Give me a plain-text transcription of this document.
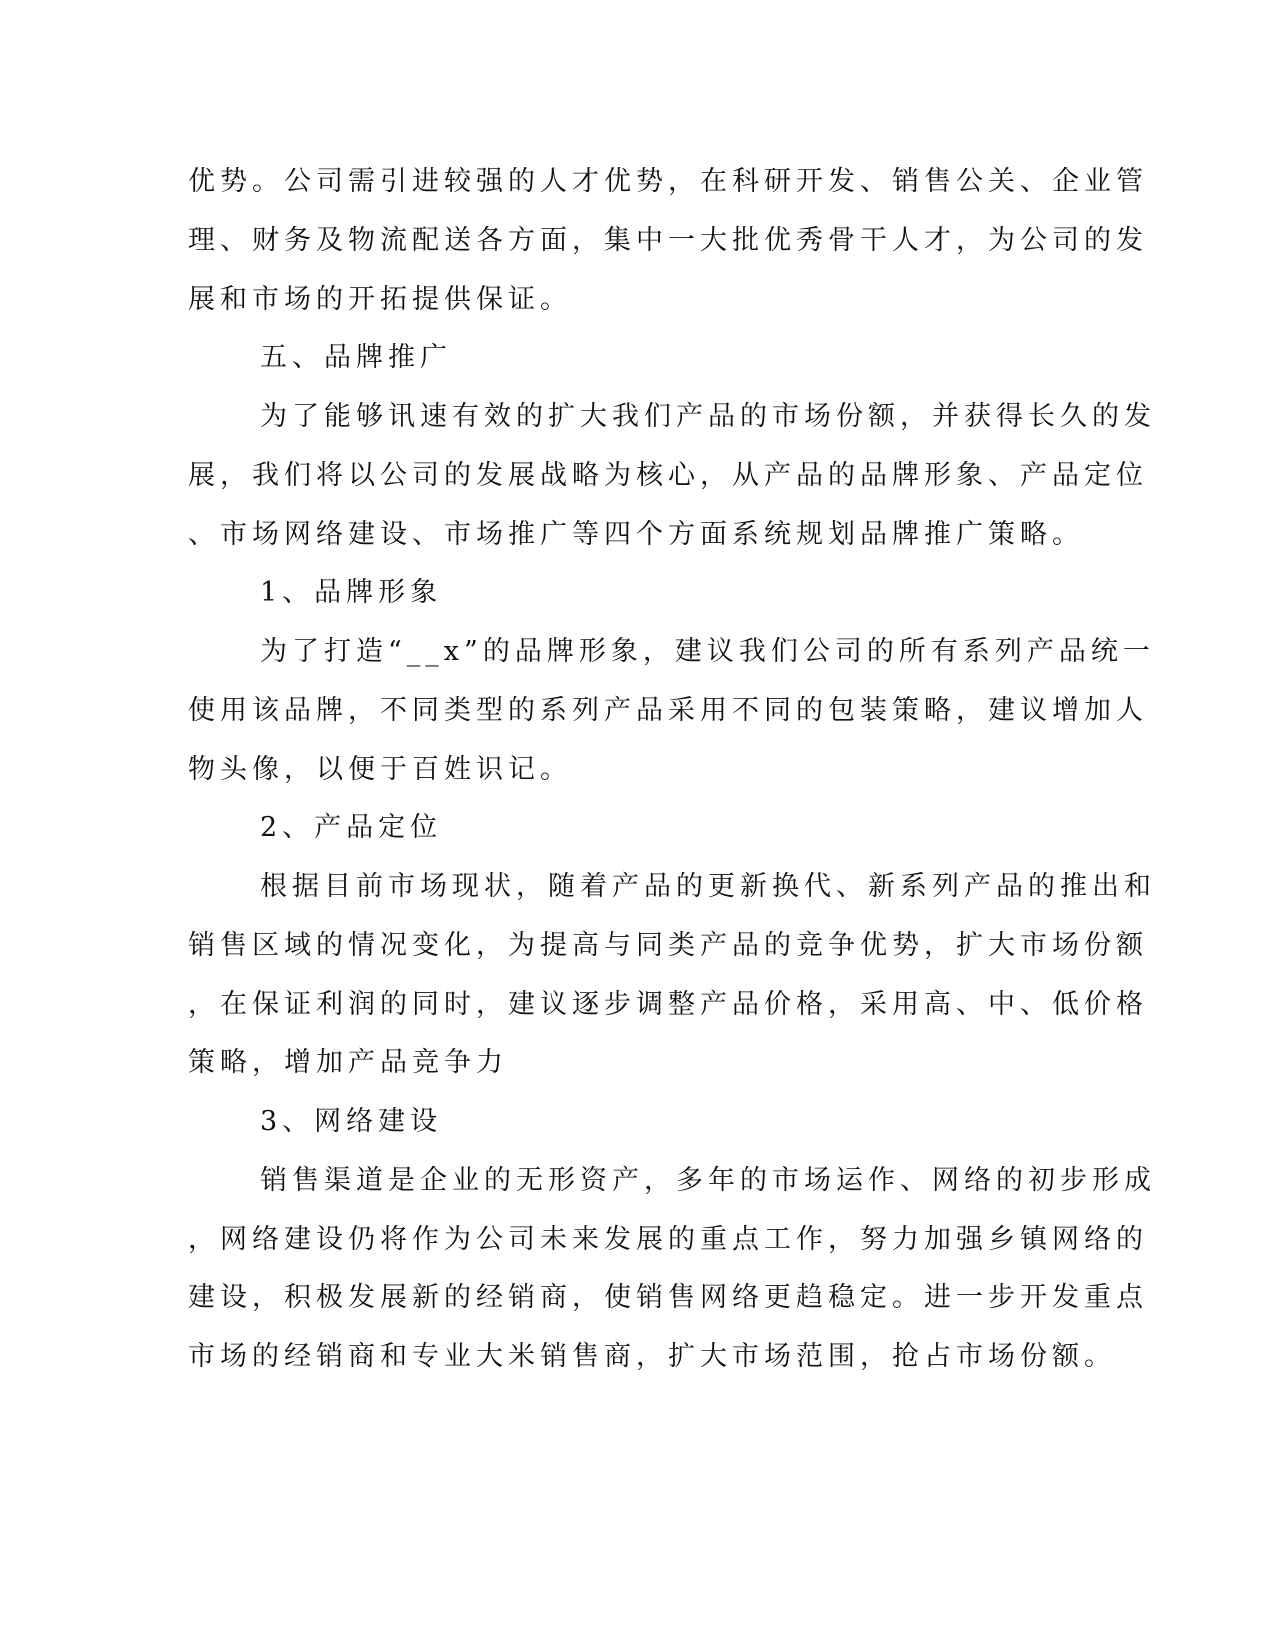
优势。公司需引进较强的人才优势，在科研开发、销售公关、企业管
理、财务及物流配送各方面，集中一大批优秀骨干人才，为公司的发
展和市场的开拓提供保证。
五、品牌推广
为了能够讯速有效的扩大我们产品的市场份额，并获得长久的发
展，我们将以公司的发展战略为核心，从产品的品牌形象、产品定位
、市场网络建设、市场推广等四个方面系统规划品牌推广策略。
1、品牌形象
为了打造“__x”的品牌形象，建议我们公司的所有系列产品统一
使用该品牌，不同类型的系列产品采用不同的包装策略，建议增加人
物头像，以便于百姓识记。
2、产品定位
根据目前市场现状，随着产品的更新换代、新系列产品的推出和
销售区域的情况变化，为提高与同类产品的竞争优势，扩大市场份额
，在保证利润的同时，建议逐步调整产品价格，采用高、中、低价格
策略，增加产品竞争力
3、网络建设
销售渠道是企业的无形资产，多年的市场运作、网络的初步形成
，网络建设仍将作为公司未来发展的重点工作，努力加强乡镇网络的
建设，积极发展新的经销商，使销售网络更趋稳定。进一步开发重点
市场的经销商和专业大米销售商，扩大市场范围，抢占市场份额。
